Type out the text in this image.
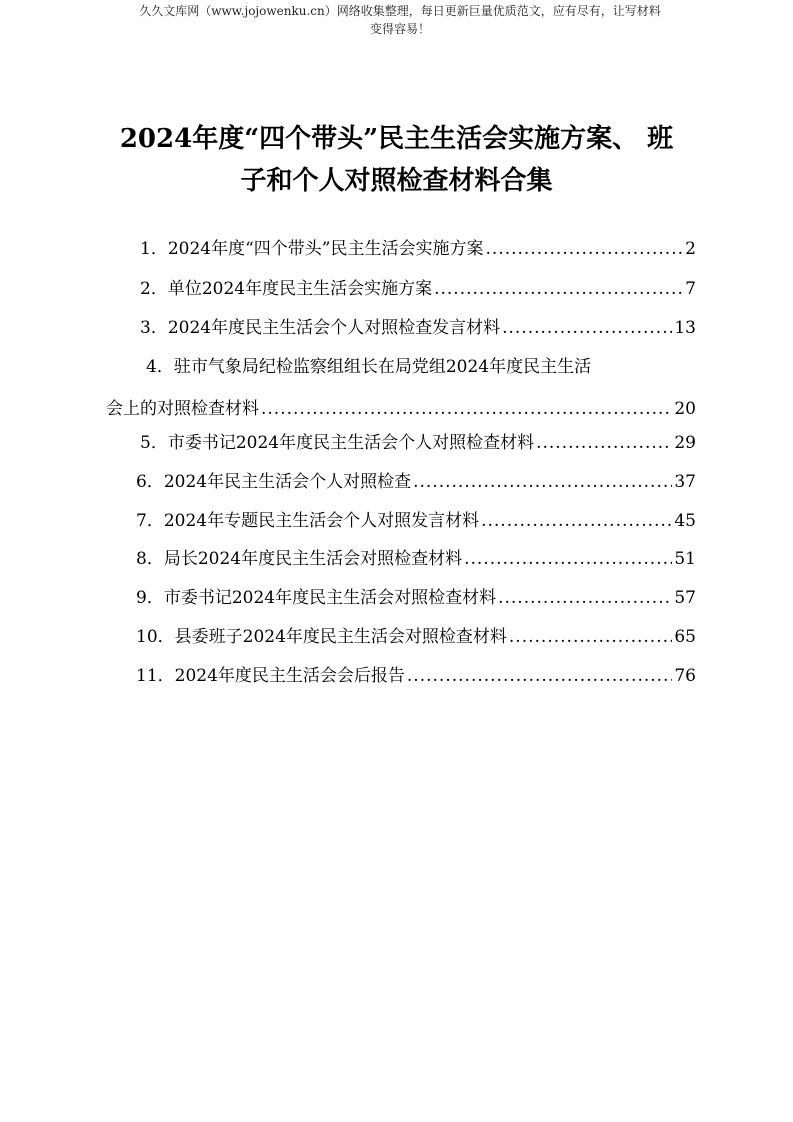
久久文库网（www.jojowenku.cn）网络收集整理，每日更新巨量优质范文，应有尽有，让写材料
变得容易！
2024年度“四个带头”民主生活会实施方案、 班
子和个人对照检查材料合集
1． 2024年度“四个带头”民主生活会实施方案 .....	2
2． 单位2024年度民主生活会实施方案 .....	7
3． 2024年度民主生活会个人对照检查发言材料 .....	13
4．驻市气象局纪检监察组组长在局党组2024年度民主生活
会上的对照检查材料 .....	20
5． 市委书记2024年度民主生活会个人对照检查材料 .....	29
6． 2024年民主生活会个人对照检查 .....	37
7． 2024年专题民主生活会个人对照发言材料 .....	45
8． 局长2024年度民主生活会对照检查材料 .....	51
9． 市委书记2024年度民主生活会对照检查材料 .....	57
10． 县委班子2024年度民主生活会对照检查材料 .....	65
11． 2024年度民主生活会会后报告 .....	76
